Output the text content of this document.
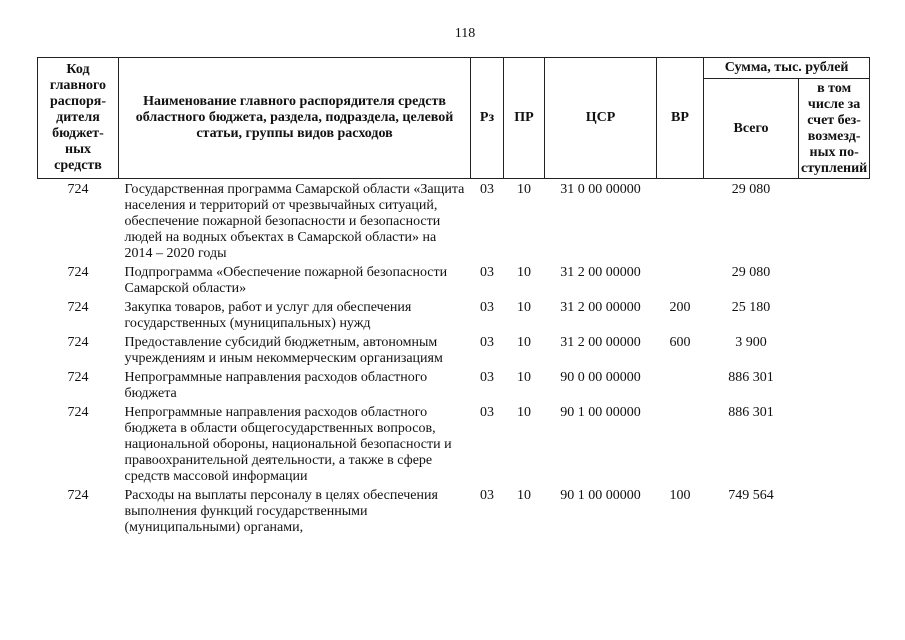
118
Код главного распоря-дителя бюджет-ных средств	Наименование главного распорядителя средств областного бюджета, раздела, подраздела, целевой статьи, группы видов расходов	Рз	ПР	ЦСР	ВР	Сумма, тыс. рублей	
						Всего	в том числе за счет без-возмезд-ных по-ступлений
724	Государственная программа Самарской области «Защита населения и территорий от чрезвычайных ситуаций, обеспечение пожарной безопасности и безопасности людей на водных объектах в Самарской области» на 2014 – 2020 годы	03	10	31 0 00 00000		29 080	
724	Подпрограмма «Обеспечение пожарной безопасности Самарской области»	03	10	31 2 00 00000		29 080	
724	Закупка товаров, работ и услуг для обеспечения государственных (муниципальных) нужд	03	10	31 2 00 00000	200	25 180	
724	Предоставление субсидий бюджетным, автономным учреждениям и иным некоммерческим организациям	03	10	31 2 00 00000	600	3 900	
724	Непрограммные направления расходов областного бюджета	03	10	90 0 00 00000		886 301	
724	Непрограммные направления расходов областного бюджета в области общегосударственных вопросов, национальной обороны, национальной безопасности и правоохранительной деятельности, а также в сфере средств массовой информации	03	10	90 1 00 00000		886 301	
724	Расходы на выплаты персоналу в целях обеспечения выполнения функций государственными (муниципальными) органами,	03	10	90 1 00 00000	100	749 564	
